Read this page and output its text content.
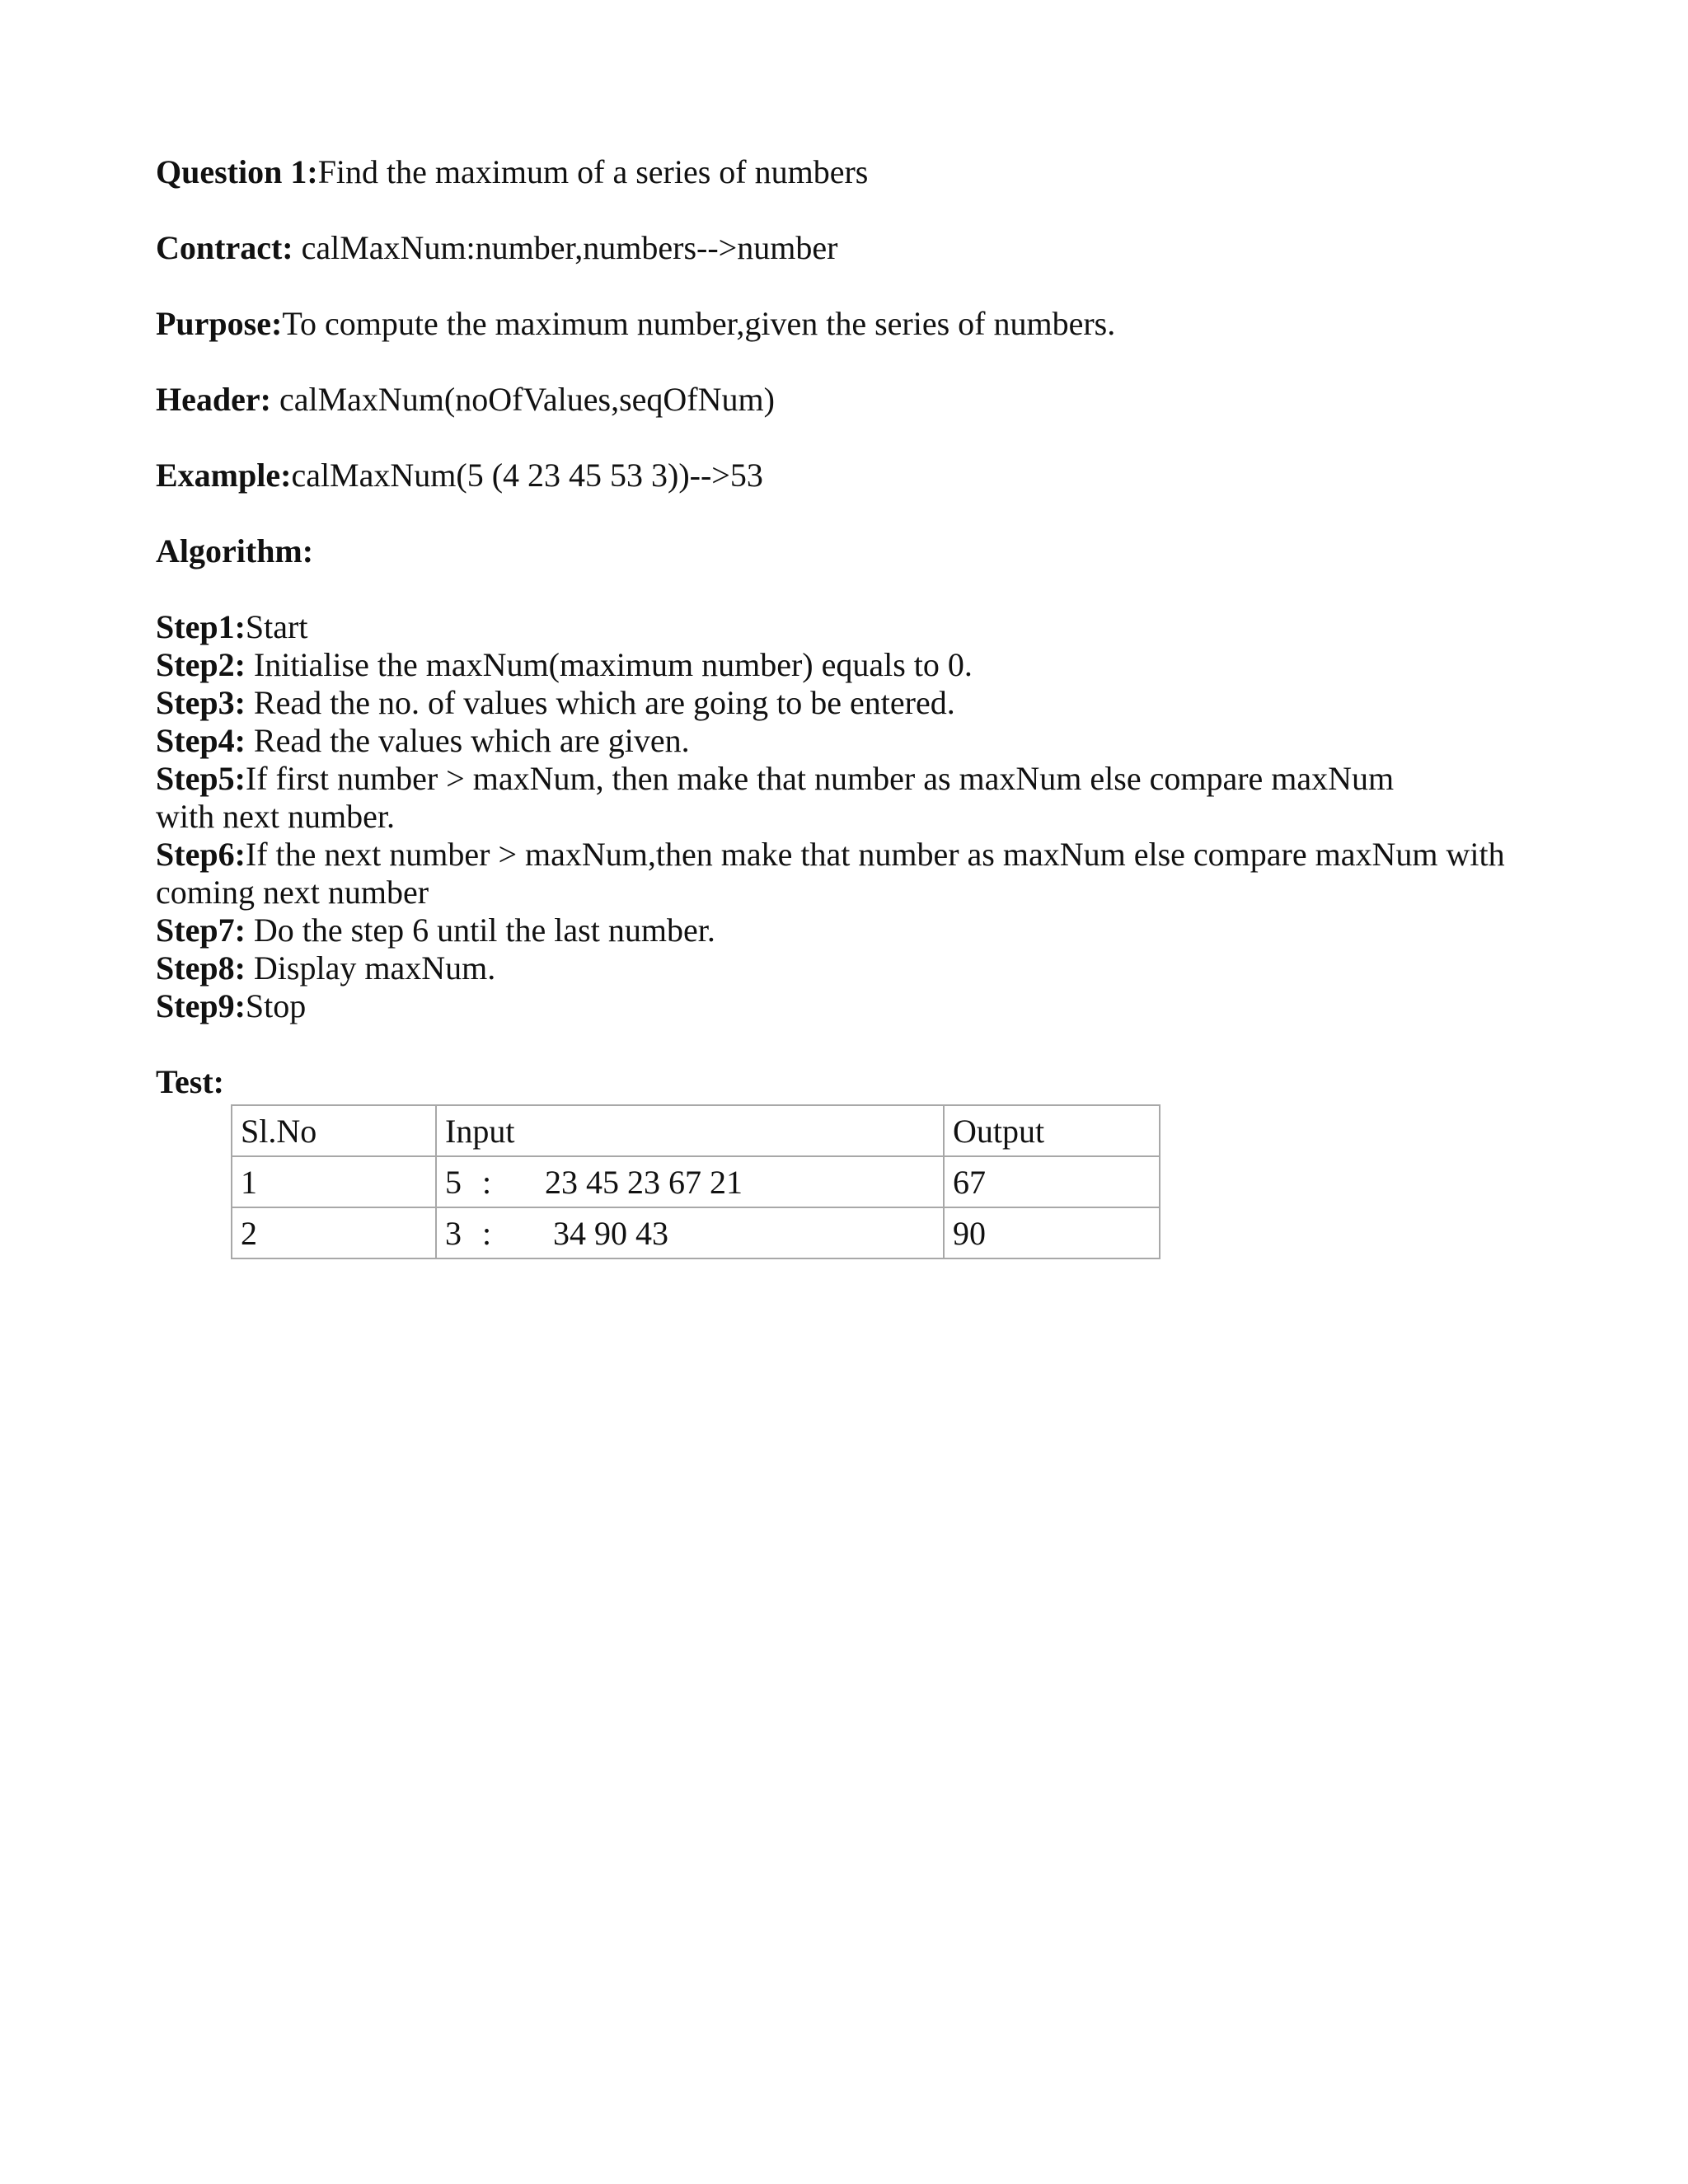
Question 1:Find the maximum of a series of numbers
Contract: calMaxNum:number,numbers-->number
Purpose:To compute the maximum number,given the series of numbers.
Header: calMaxNum(noOfValues,seqOfNum)
Example:calMaxNum(5 (4 23 45 53 3))-->53
Algorithm:
Step1:Start
Step2: Initialise the maxNum(maximum number) equals to 0.
Step3: Read the no. of values which are going to be entered.
Step4: Read the values which are given.
Step5:If first number > maxNum, then make that number as maxNum else compare maxNum
with next number.
Step6:If the next number > maxNum,then make that number as maxNum else compare maxNum with
coming next number
Step7: Do the step 6 until the last number.
Step8: Display maxNum.
Step9:Stop
Test:
Sl.No	Input	Output
1	5 : 23 45 23 67 21	67
2	3 : 34 90 43	90
